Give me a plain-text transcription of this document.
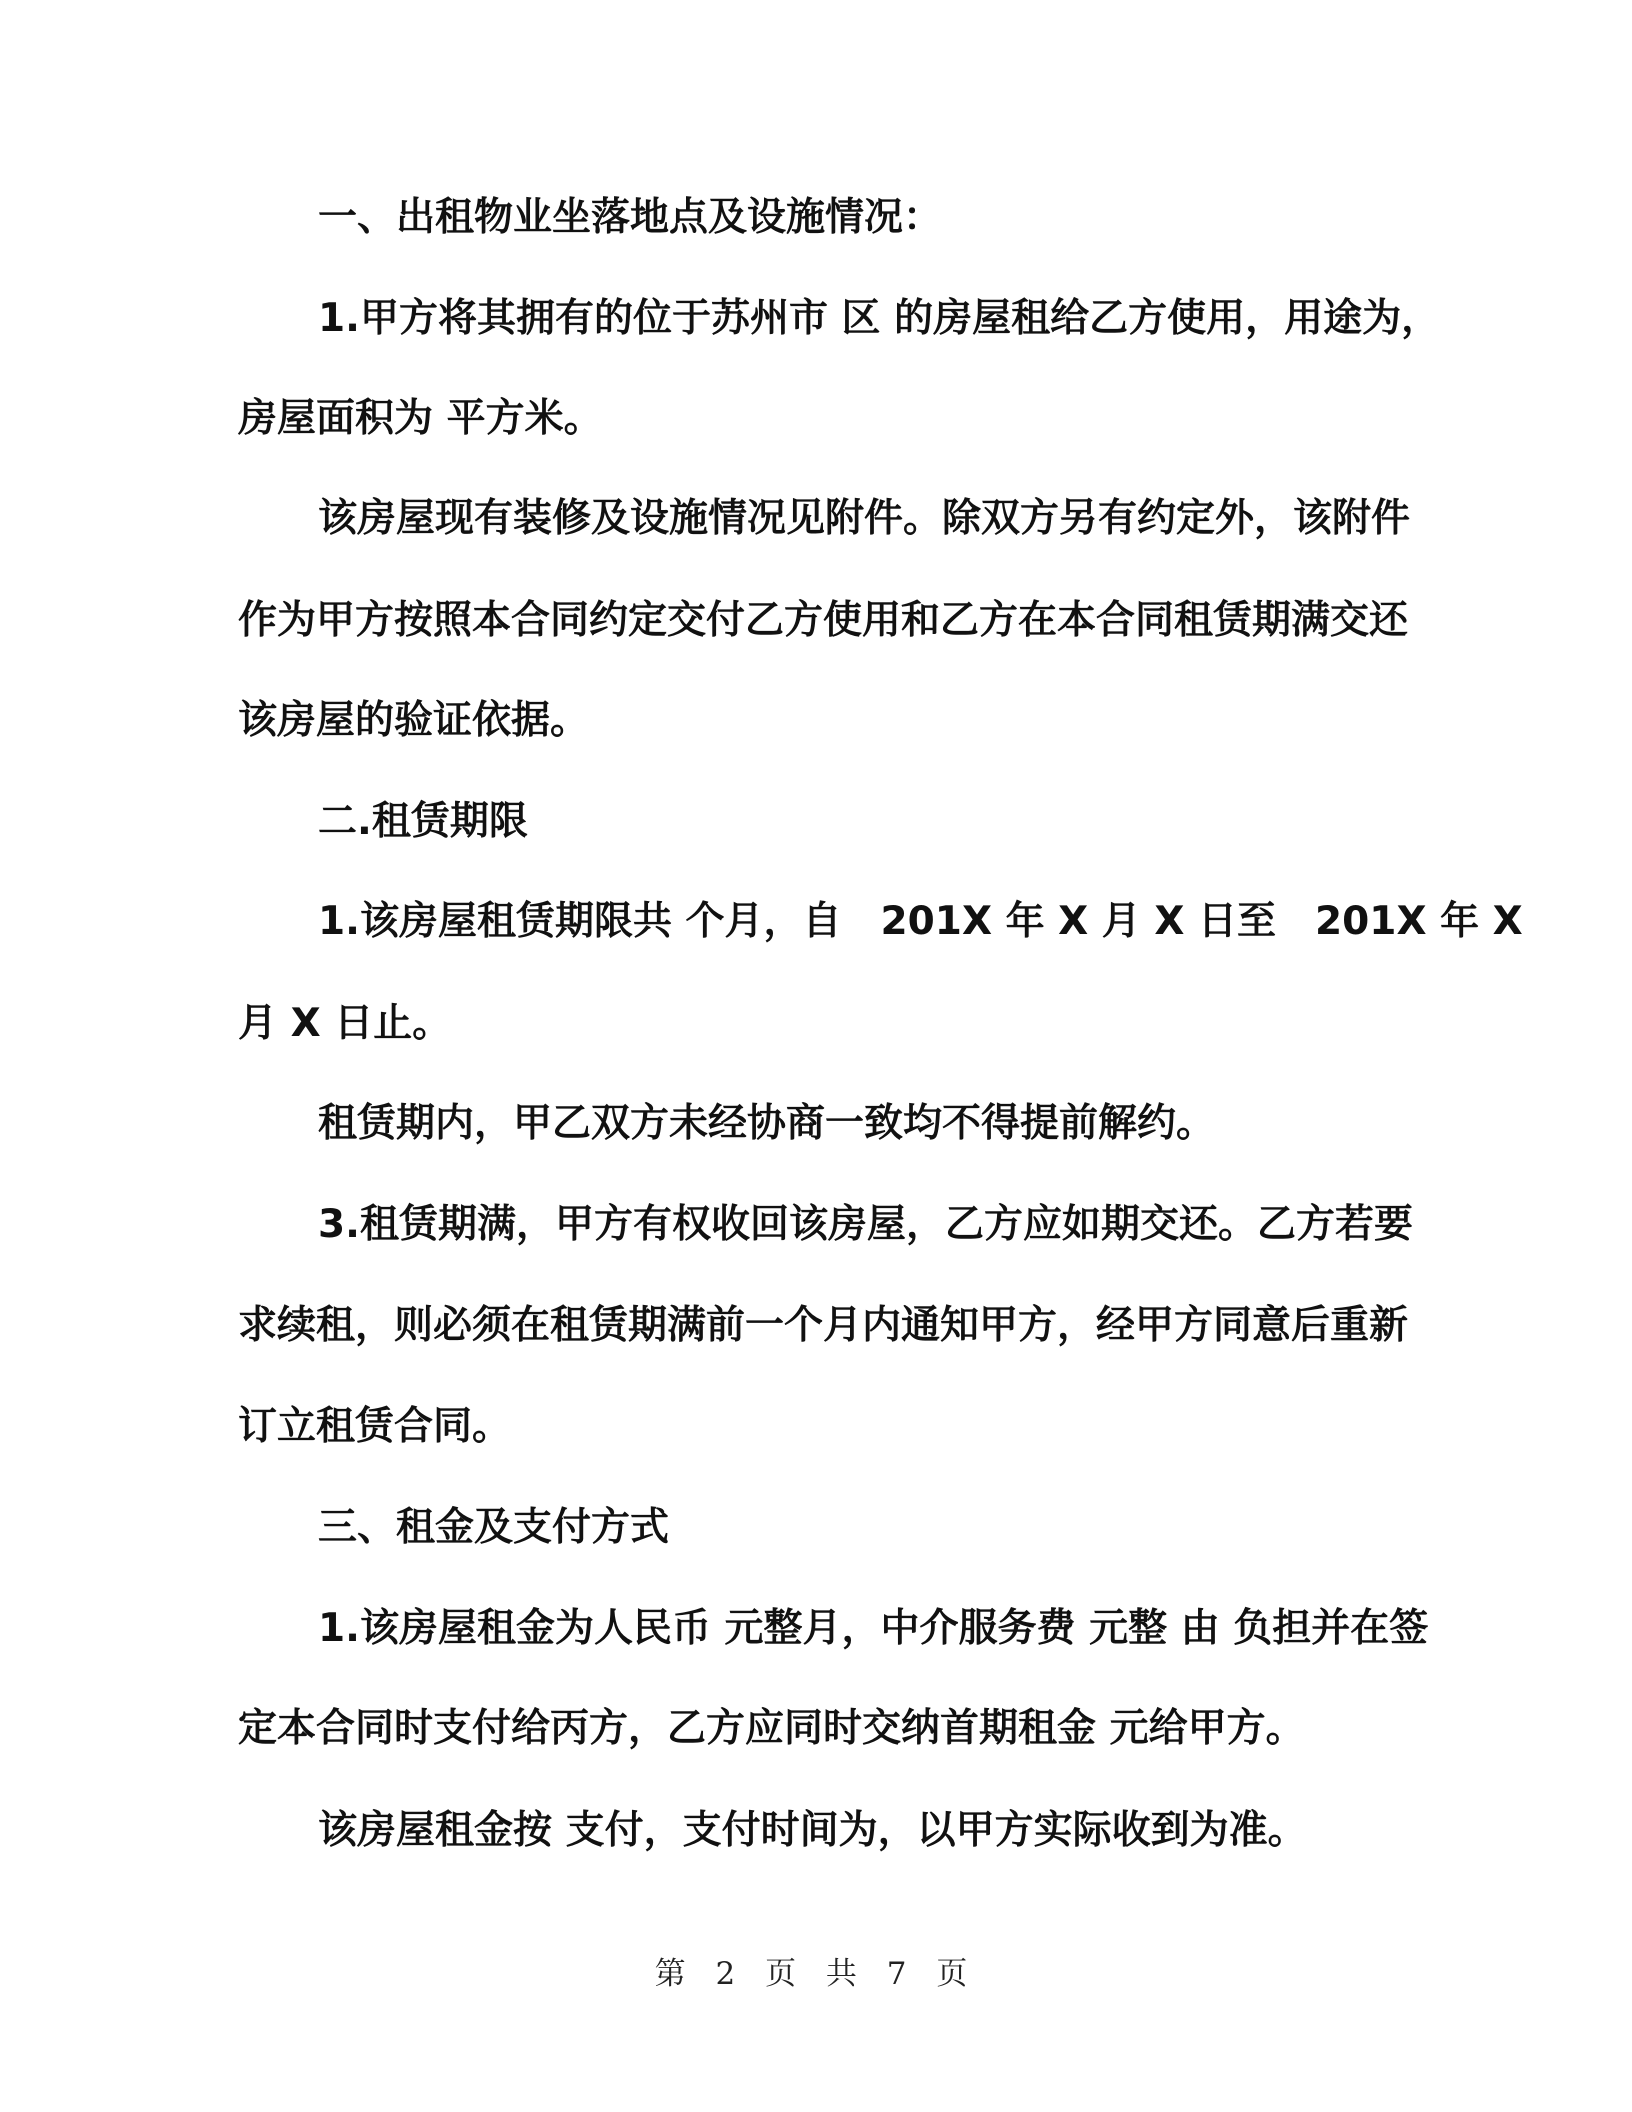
一、出租物业坐落地点及设施情况：
1.甲方将其拥有的位于苏州市 区 的房屋租给乙方使用，用途为，
房屋面积为 平方米。
该房屋现有装修及设施情况见附件。除双方另有约定外，该附件
作为甲方按照本合同约定交付乙方使用和乙方在本合同租赁期满交还
该房屋的验证依据。
二.租赁期限
1.该房屋租赁期限共 个月，自　201X 年 X 月 X 日至　201X 年 X
月 X 日止。
租赁期内，甲乙双方未经协商一致均不得提前解约。
3.租赁期满，甲方有权收回该房屋，乙方应如期交还。乙方若要
求续租，则必须在租赁期满前一个月内通知甲方，经甲方同意后重新
订立租赁合同。
三、租金及支付方式
1.该房屋租金为人民币 元整月，中介服务费 元整 由 负担并在签
定本合同时支付给丙方，乙方应同时交纳首期租金 元给甲方。
该房屋租金按 支付，支付时间为，以甲方实际收到为准。
第 2 页 共 7 页
